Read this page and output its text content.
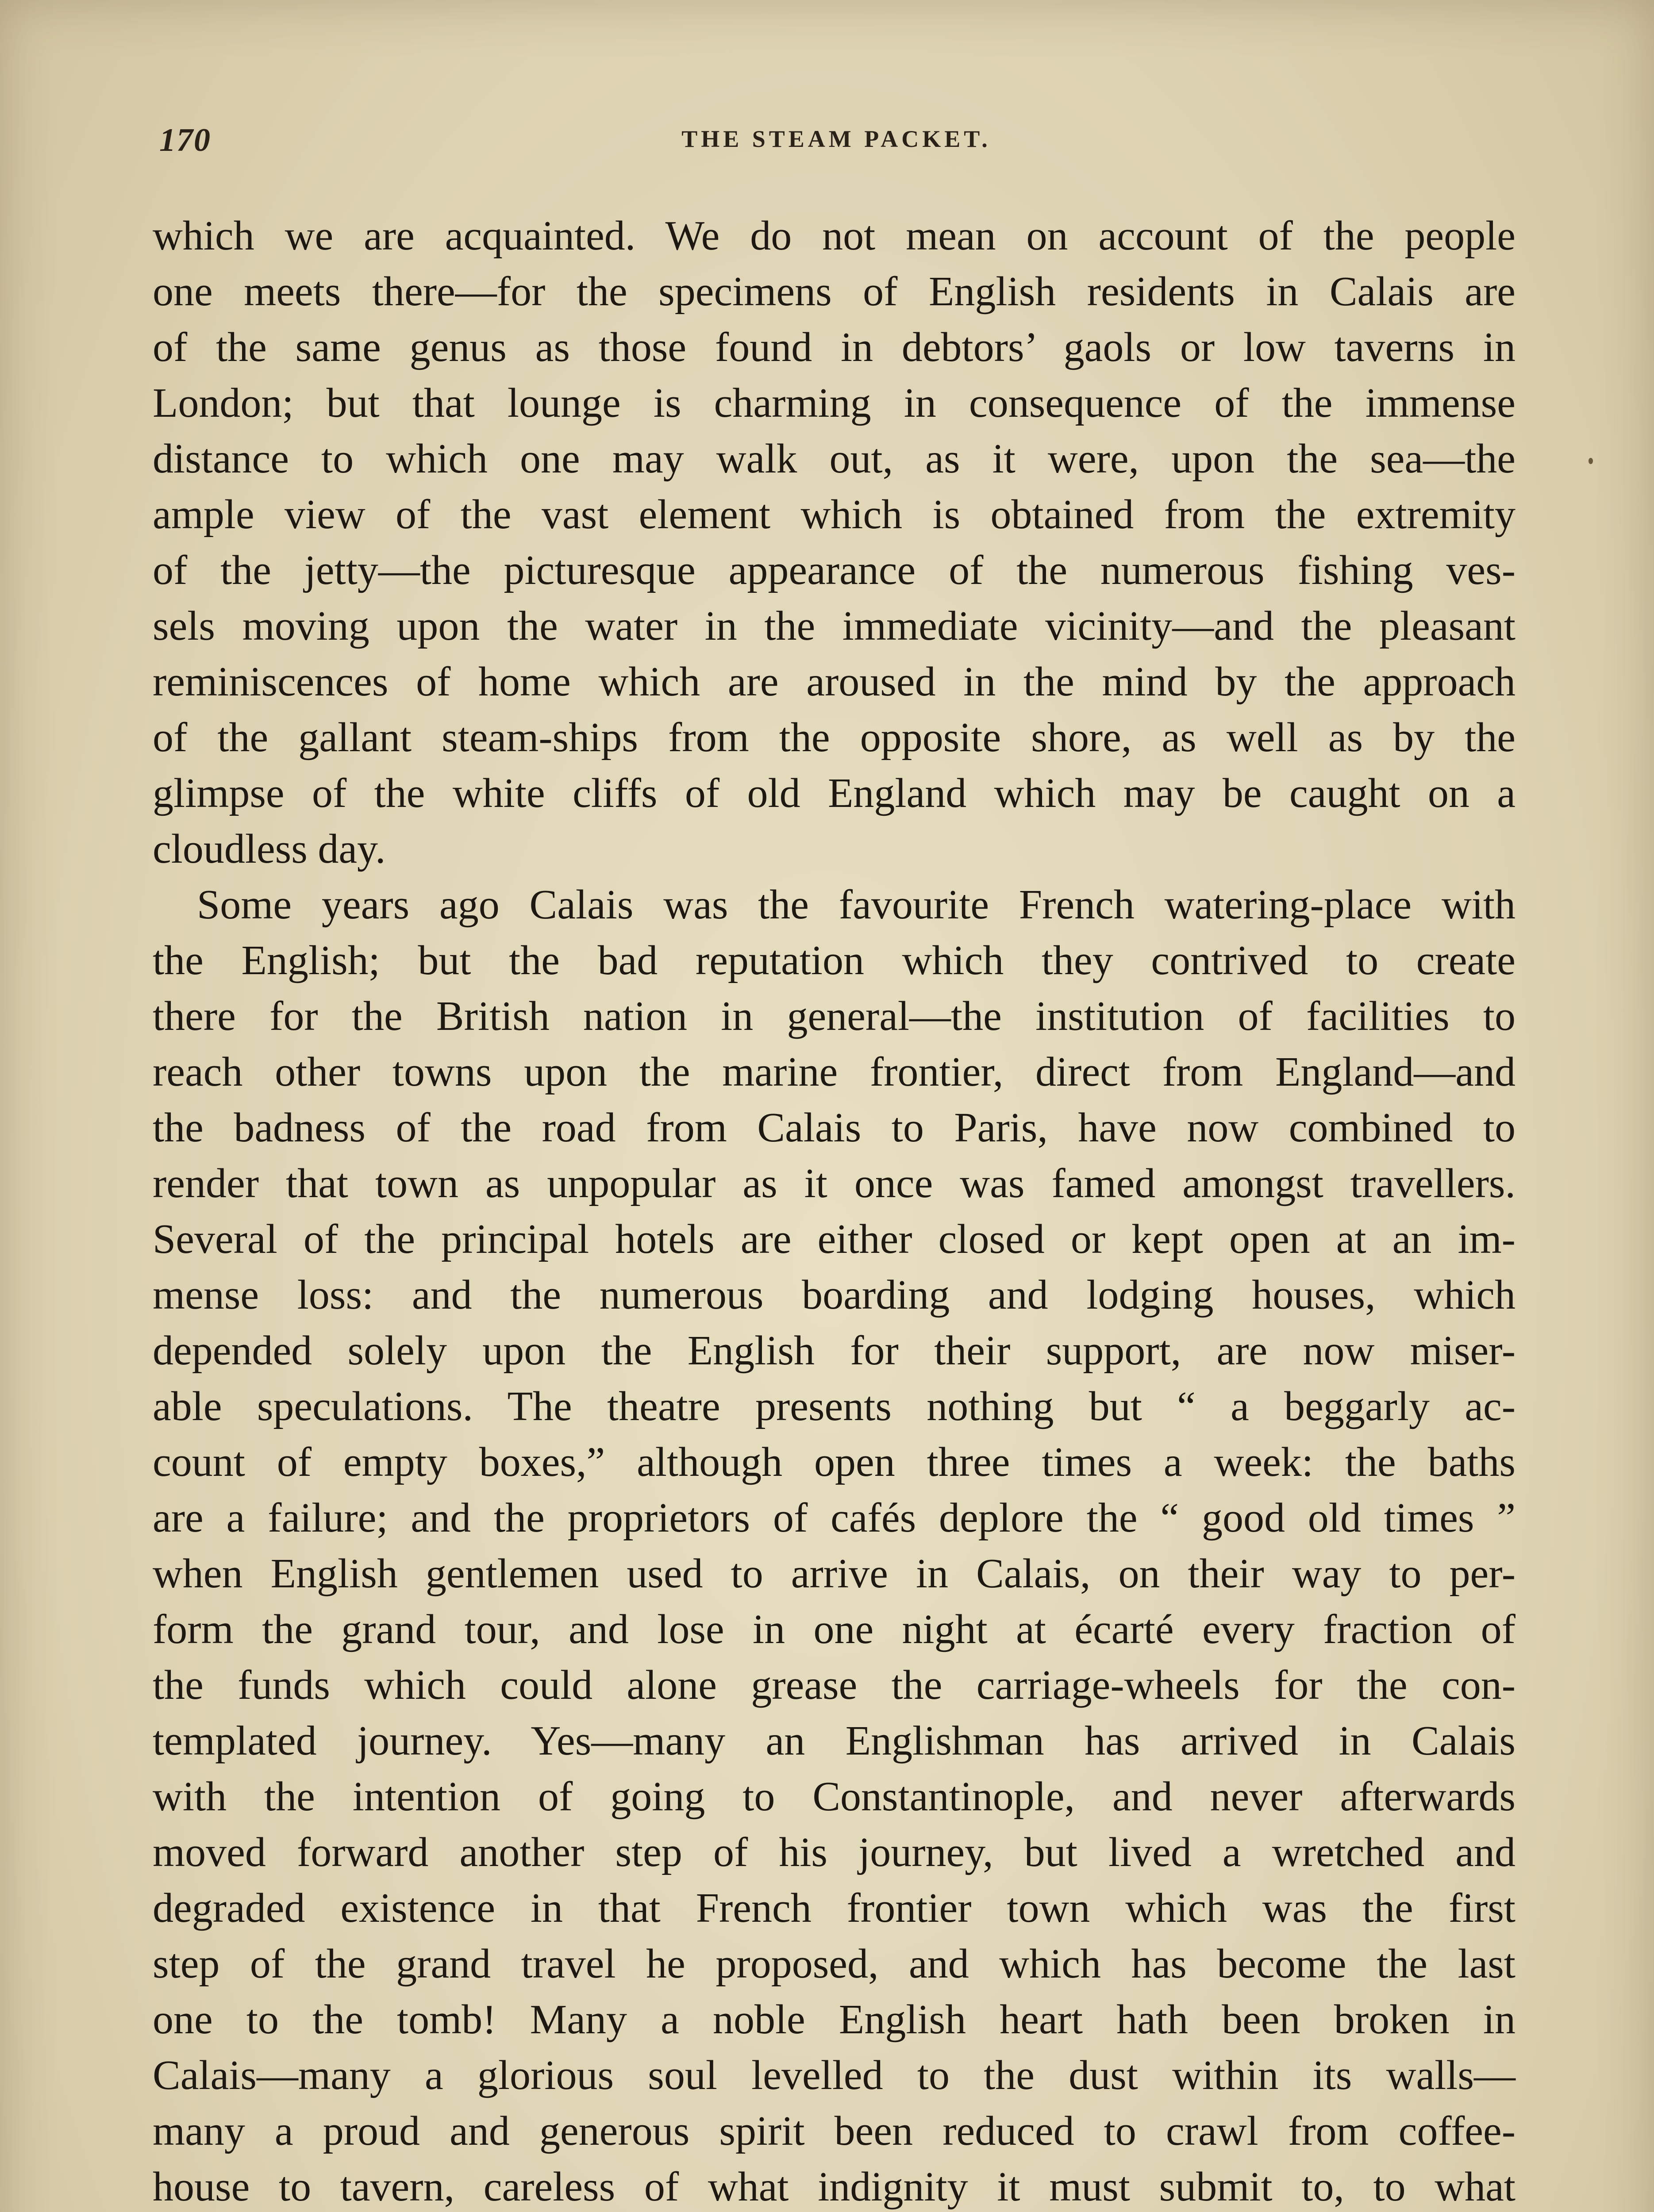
170	THE STEAM PACKET.
which we are acquainted. We do not mean on account of the people
one meets there—for the specimens of English residents in Calais are
of the same genus as those found in debtors’ gaols or low taverns in
London; but that lounge is charming in consequence of the immense
distance to which one may walk out, as it were, upon the sea—the
ample view of the vast element which is obtained from the extremity
of the jetty—the picturesque appearance of the numerous fishing ves-
sels moving upon the water in the immediate vicinity—and the pleasant
reminiscences of home which are aroused in the mind by the approach
of the gallant steam-ships from the opposite shore, as well as by the
glimpse of the white cliffs of old England which may be caught on a
cloudless day.
Some years ago Calais was the favourite French watering-place with
the English; but the bad reputation which they contrived to create
there for the British nation in general—the institution of facilities to
reach other towns upon the marine frontier, direct from England—and
the badness of the road from Calais to Paris, have now combined to
render that town as unpopular as it once was famed amongst travellers.
Several of the principal hotels are either closed or kept open at an im-
mense loss: and the numerous boarding and lodging houses, which
depended solely upon the English for their support, are now miser-
able speculations. The theatre presents nothing but “ a beggarly ac-
count of empty boxes,” although open three times a week: the baths
are a failure; and the proprietors of cafés deplore the “ good old times ”
when English gentlemen used to arrive in Calais, on their way to per-
form the grand tour, and lose in one night at écarté every fraction of
the funds which could alone grease the carriage-wheels for the con-
templated journey. Yes—many an Englishman has arrived in Calais
with the intention of going to Constantinople, and never afterwards
moved forward another step of his journey, but lived a wretched and
degraded existence in that French frontier town which was the first
step of the grand travel he proposed, and which has become the last
one to the tomb! Many a noble English heart hath been broken in
Calais—many a glorious soul levelled to the dust within its walls—
many a proud and generous spirit been reduced to crawl from coffee-
house to tavern, careless of what indignity it must submit to, to what
